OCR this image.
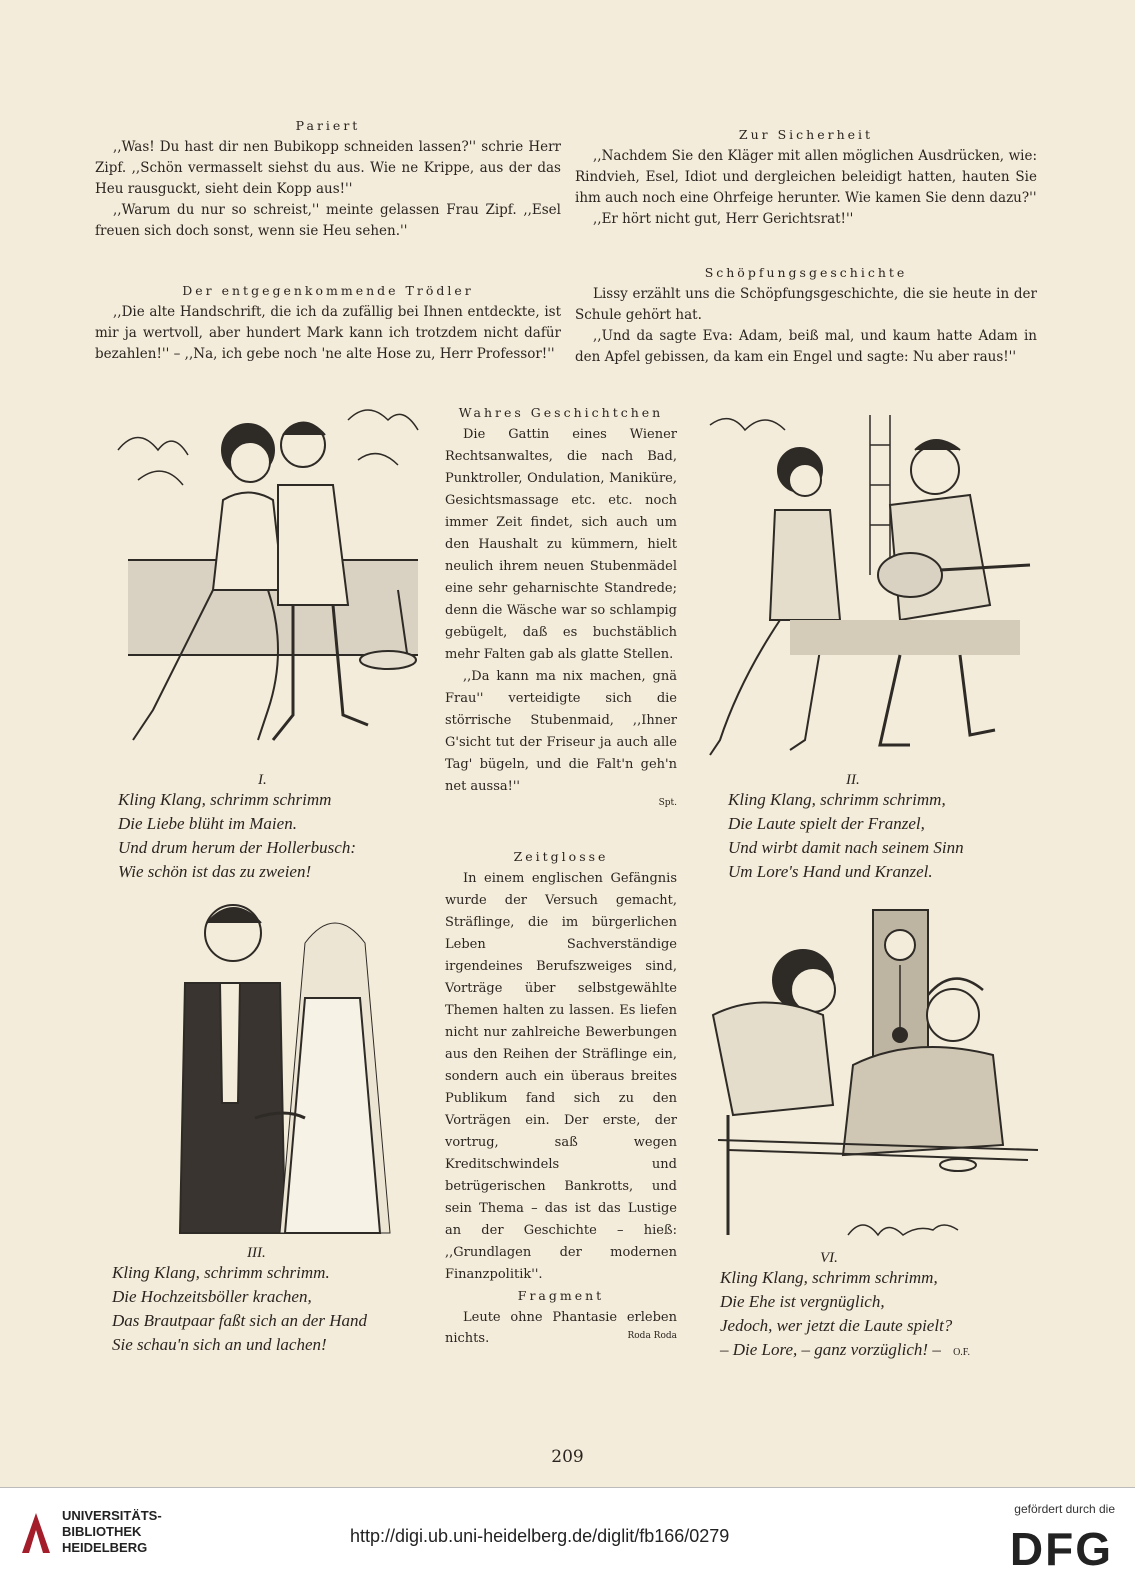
Pariert

,,Was! Du hast dir nen Bubikopp schneiden lassen?'' schrie Herr Zipf. ,,Schön vermasselt siehst du aus. Wie ne Krippe, aus der das Heu rausguckt, sieht dein Kopp aus!''

,,Warum du nur so schreist,'' meinte gelassen Frau Zipf. ,,Esel freuen sich doch sonst, wenn sie Heu sehen.''

Zur Sicherheit

,,Nachdem Sie den Kläger mit allen möglichen Ausdrücken, wie: Rindvieh, Esel, Idiot und dergleichen beleidigt hatten, hauten Sie ihm auch noch eine Ohrfeige herunter. Wie kamen Sie denn dazu?''

,,Er hört nicht gut, Herr Gerichtsrat!''

Der entgegenkommende Trödler

,,Die alte Handschrift, die ich da zufällig bei Ihnen entdeckte, ist mir ja wertvoll, aber hundert Mark kann ich trotzdem nicht dafür bezahlen!'' – ,,Na, ich gebe noch 'ne alte Hose zu, Herr Professor!''

Schöpfungsgeschichte

Lissy erzählt uns die Schöpfungsgeschichte, die sie heute in der Schule gehört hat.

,,Und da sagte Eva: Adam, beiß mal, und kaum hatte Adam in den Apfel gebissen, da kam ein Engel und sagte: Nu aber raus!''

Wahres Geschichtchen

Die Gattin eines Wiener Rechtsanwaltes, die nach Bad, Punktroller, Ondulation, Maniküre, Gesichtsmassage etc. etc. noch immer Zeit findet, sich auch um den Haushalt zu kümmern, hielt neulich ihrem neuen Stubenmädel eine sehr geharnischte Standrede; denn die Wäsche war so schlampig gebügelt, daß es buchstäblich mehr Falten gab als glatte Stellen.

,,Da kann ma nix machen, gnä Frau'' verteidigte sich die störrische Stubenmaid, ,,Ihner G'sicht tut der Friseur ja auch alle Tag' bügeln, und die Falt'n geh'n net aussa!''

Spt.
Zeitglosse

In einem englischen Gefängnis wurde der Versuch gemacht, Sträflinge, die im bürgerlichen Leben Sachverständige irgendeines Berufszweiges sind, Vorträge über selbstgewählte Themen halten zu lassen. Es liefen nicht nur zahlreiche Bewerbungen aus den Reihen der Sträflinge ein, sondern auch ein überaus breites Publikum fand sich zu den Vorträgen ein. Der erste, der vortrug, saß wegen Kreditschwindels und betrügerischen Bankrotts, und sein Thema – das ist das Lustige an der Geschichte – hieß: ,,Grundlagen der modernen Finanzpolitik''.

Fragment

Leute ohne Phantasie erleben nichts.	Roda Roda
I.
Kling Klang, schrimm schrimm
Die Liebe blüht im Maien.
Und drum herum der Hollerbusch:
Wie schön ist das zu zweien!
II.
Kling Klang, schrimm schrimm,
Die Laute spielt der Franzel,
Und wirbt damit nach seinem Sinn
Um Lore's Hand und Kranzel.
III.
Kling Klang, schrimm schrimm.
Die Hochzeitsböller krachen,
Das Brautpaar faßt sich an der Hand
Sie schau'n sich an und lachen!
VI.
Kling Klang, schrimm schrimm,
Die Ehe ist vergnüglich,
Jedoch, wer jetzt die Laute spielt?
– Die Lore, – ganz vorzüglich! – O.F.
209
UNIVERSITÄTS-
BIBLIOTHEK
HEIDELBERG
http://digi.ub.uni-heidelberg.de/diglit/fb166/0279
gefördert durch die
DFG
